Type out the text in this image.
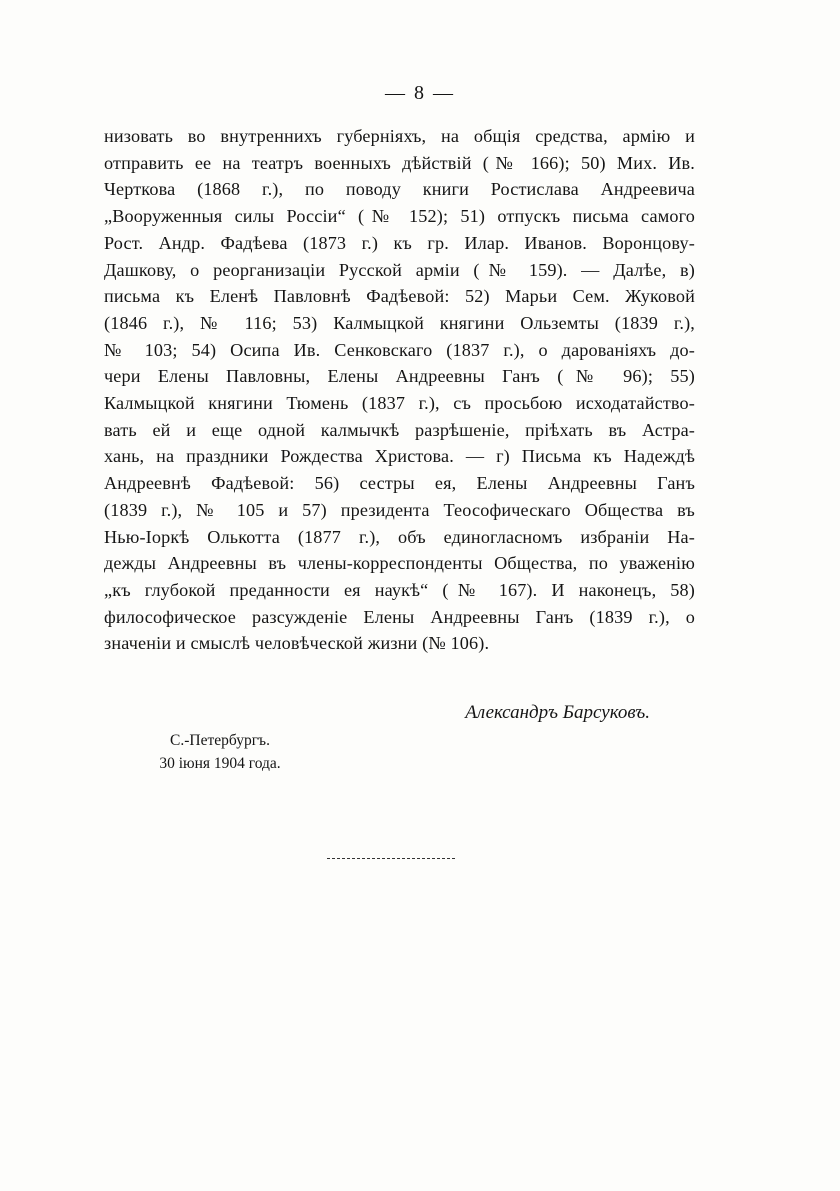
— 8 —
низовать во внутреннихъ губерніяхъ, на общія средства, армію и
отправить ее на театръ военныхъ дѣйствій (№ 166); 50) Мих. Ив.
Черткова (1868 г.), по поводу книги Ростислава Андреевича
„Вооруженныя силы Россіи“ (№ 152); 51) отпускъ письма самого
Рост. Андр. Фадѣева (1873 г.) къ гр. Илар. Иванов. Воронцову-
Дашкову, о реорганизаціи Русской арміи (№ 159). — Далѣе, в)
письма къ Еленѣ Павловнѣ Фадѣевой: 52) Марьи Сем. Жуковой
(1846 г.), № 116; 53) Калмыцкой княгини Ольземты (1839 г.),
№ 103; 54) Осипа Ив. Сенковскаго (1837 г.), о дарованіяхъ до-
чери Елены Павловны, Елены Андреевны Ганъ (№ 96); 55)
Калмыцкой княгини Тюмень (1837 г.), съ просьбою исходатайство-
вать ей и еще одной калмычкѣ разрѣшеніе, пріѣхать въ Астра-
хань, на праздники Рождества Христова. — г) Письма къ Надеждѣ
Андреевнѣ Фадѣевой: 56) сестры ея, Елены Андреевны Ганъ
(1839 г.), № 105 и 57) президента Теософическаго Общества въ
Нью-Іоркѣ Олькотта (1877 г.), объ единогласномъ избраніи На-
дежды Андреевны въ члены-корреспонденты Общества, по уваженію
„къ глубокой преданности ея наукѣ“ (№ 167). И наконецъ, 58)
философическое разсужденіе Елены Андреевны Ганъ (1839 г.), о
значеніи и смыслѣ человѣческой жизни (№ 106).
Александръ Барсуковъ.
С.-Петербургъ.
30 іюня 1904 года.
